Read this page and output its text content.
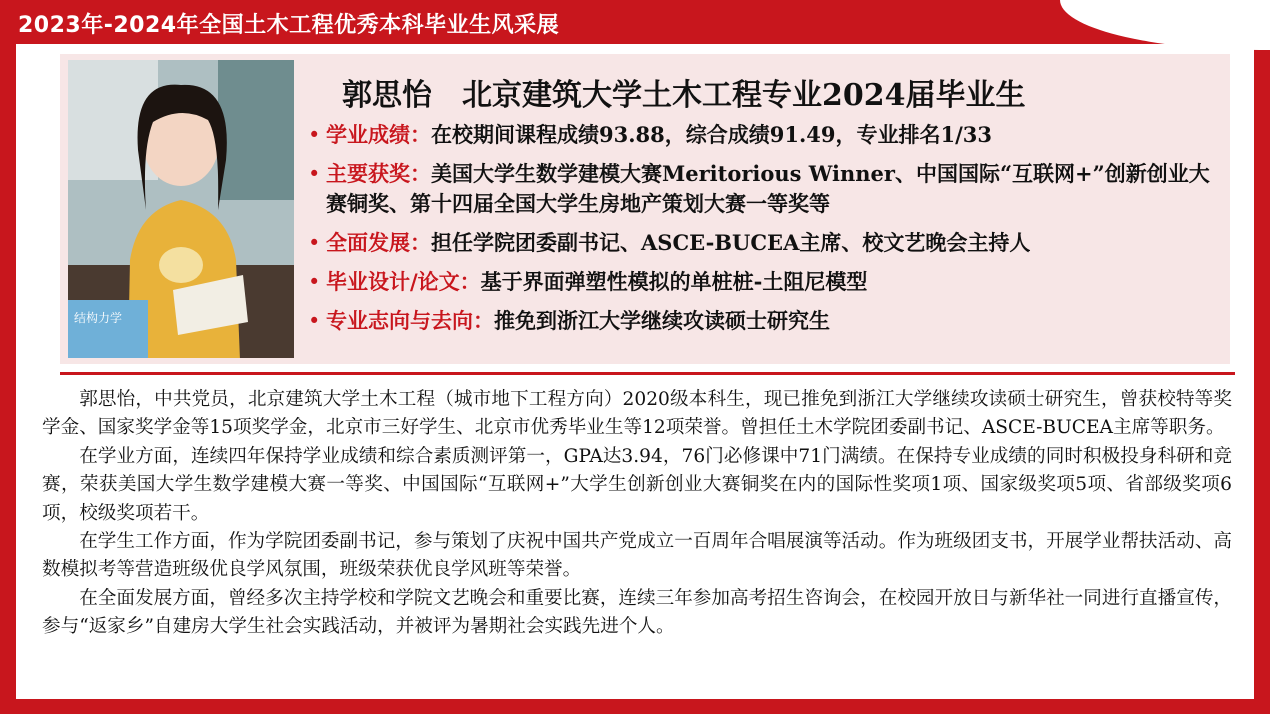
2023年-2024年全国土木工程优秀本科毕业生风采展
结构力学
郭思怡　北京建筑大学土木工程专业2024届毕业生
• 学业成绩：在校期间课程成绩93.88，综合成绩91.49，专业排名1/33
• 主要获奖：美国大学生数学建模大赛Meritorious Winner、中国国际“互联网+”创新创业大赛铜奖、第十四届全国大学生房地产策划大赛一等奖等
• 全面发展：担任学院团委副书记、ASCE-BUCEA主席、校文艺晚会主持人
• 毕业设计/论文：基于界面弹塑性模拟的单桩桩-土阻尼模型
• 专业志向与去向：推免到浙江大学继续攻读硕士研究生

郭思怡，中共党员，北京建筑大学土木工程（城市地下工程方向）2020级本科生，现已推免到浙江大学继续攻读硕士研究生，曾获校特等奖学金、国家奖学金等15项奖学金，北京市三好学生、北京市优秀毕业生等12项荣誉。曾担任土木学院团委副书记、ASCE-BUCEA主席等职务。

在学业方面，连续四年保持学业成绩和综合素质测评第一，GPA达3.94，76门必修课中71门满绩。在保持专业成绩的同时积极投身科研和竞赛，荣获美国大学生数学建模大赛一等奖、中国国际“互联网+”大学生创新创业大赛铜奖在内的国际性奖项1项、国家级奖项5项、省部级奖项6项，校级奖项若干。

在学生工作方面，作为学院团委副书记，参与策划了庆祝中国共产党成立一百周年合唱展演等活动。作为班级团支书，开展学业帮扶活动、高数模拟考等营造班级优良学风氛围，班级荣获优良学风班等荣誉。

在全面发展方面，曾经多次主持学校和学院文艺晚会和重要比赛，连续三年参加高考招生咨询会，在校园开放日与新华社一同进行直播宣传，参与“返家乡”自建房大学生社会实践活动，并被评为暑期社会实践先进个人。
